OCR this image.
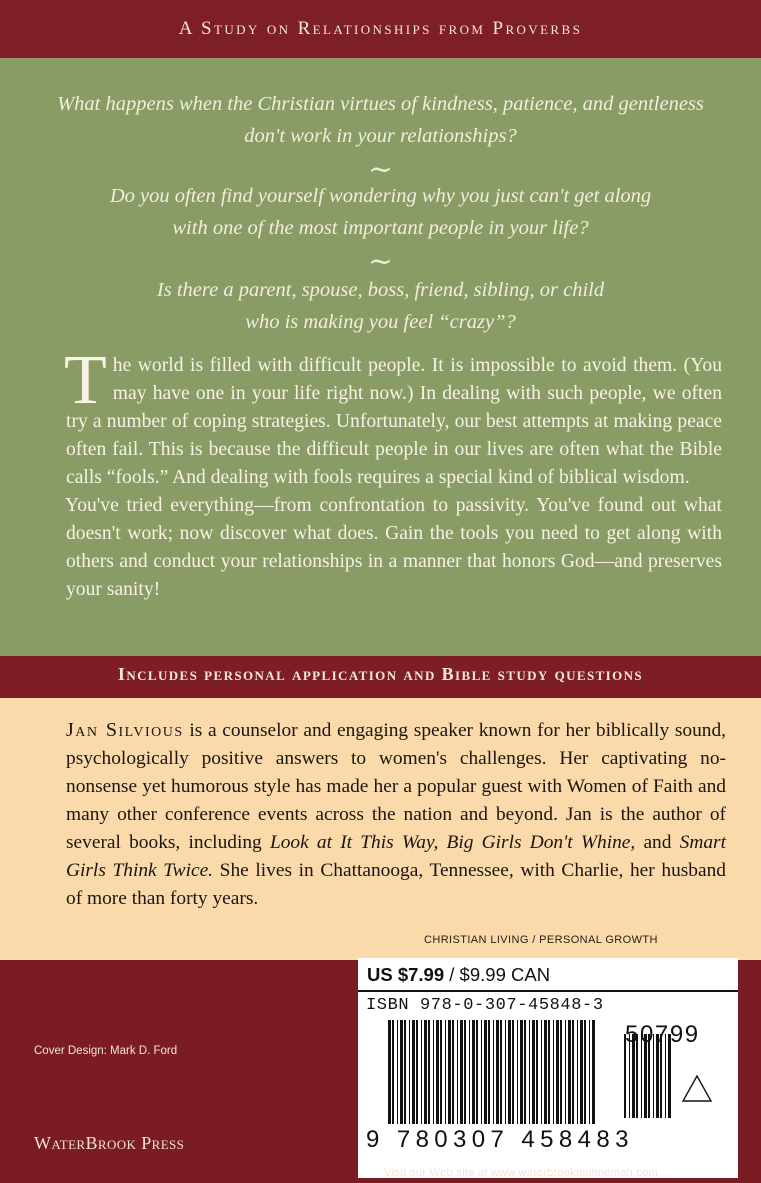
A Study on Relationships from Proverbs
What happens when the Christian virtues of kindness, patience, and gentleness
don't work in your relationships?
~
Do you often find yourself wondering why you just can't get along
with one of the most important people in your life?
~
Is there a parent, spouse, boss, friend, sibling, or child
who is making you feel “crazy”?

The world is filled with difficult people. It is impossible to avoid them. (You may have one in your life right now.) In dealing with such people, we often try a number of coping strategies. Unfortunately, our best attempts at making peace often fail. This is because the difficult people in our lives are often what the Bible calls “fools.” And dealing with fools requires a special kind of biblical wisdom.

You've tried everything—from confrontation to passivity. You've found out what doesn't work; now discover what does. Gain the tools you need to get along with others and conduct your relationships in a manner that honors God—and preserves your sanity!

Includes personal application and Bible study questions
Jan Silvious is a counselor and engaging speaker known for her biblically sound, psychologically positive answers to women's challenges. Her captivating no-nonsense yet humorous style has made her a popular guest with Women of Faith and many other conference events across the nation and beyond. Jan is the author of several books, including Look at It This Way, Big Girls Don't Whine, and Smart Girls Think Twice. She lives in Chattanooga, Tennessee, with Charlie, her husband of more than forty years.
CHRISTIAN LIVING / PERSONAL GROWTH
US $7.99 / $9.99 CAN
ISBN 978-0-307-45848-3
50799
9 780307 458483
Cover Design: Mark D. Ford
WaterBrook Press
Visit our Web site at www.waterbrookmultnomah.com
